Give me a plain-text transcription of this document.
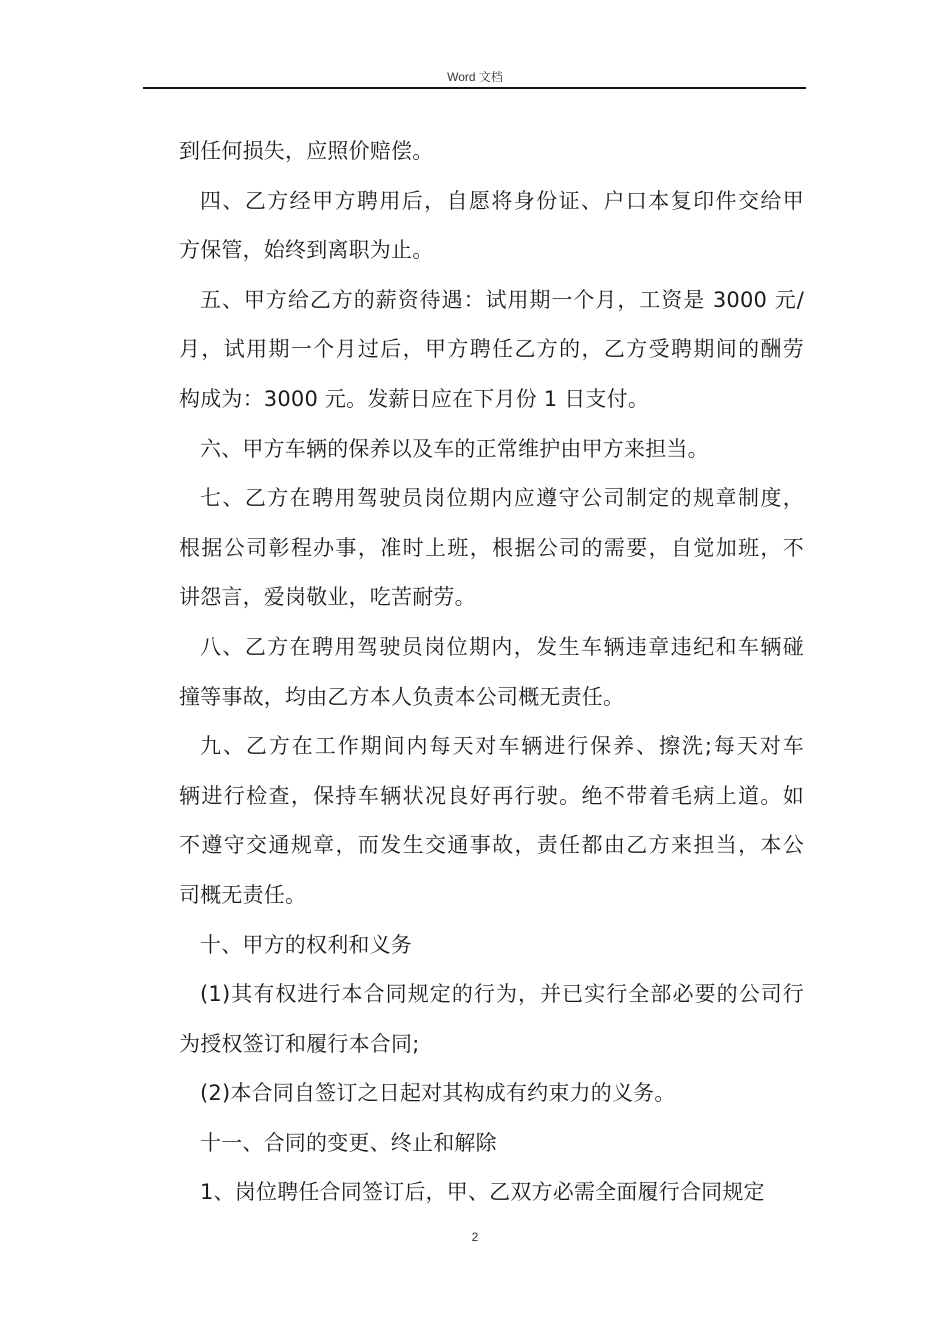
Word 文档
到任何损失，应照价赔偿。
四、乙方经甲方聘用后，自愿将身份证、户口本复印件交给甲
方保管，始终到离职为止。
五、甲方给乙方的薪资待遇：试用期一个月，工资是 3000 元/
月，试用期一个月过后，甲方聘任乙方的，乙方受聘期间的酬劳
构成为：3000 元。发薪日应在下月份 1 日支付。
六、甲方车辆的保养以及车的正常维护由甲方来担当。
七、乙方在聘用驾驶员岗位期内应遵守公司制定的规章制度，
根据公司彰程办事，准时上班，根据公司的需要，自觉加班，不
讲怨言，爱岗敬业，吃苦耐劳。
八、乙方在聘用驾驶员岗位期内，发生车辆违章违纪和车辆碰
撞等事故，均由乙方本人负责本公司概无责任。
九、乙方在工作期间内每天对车辆进行保养、擦洗;每天对车
辆进行检查，保持车辆状况良好再行驶。绝不带着毛病上道。如
不遵守交通规章，而发生交通事故，责任都由乙方来担当，本公
司概无责任。
十、甲方的权利和义务
(1)其有权进行本合同规定的行为，并已实行全部必要的公司行
为授权签订和履行本合同;
(2)本合同自签订之日起对其构成有约束力的义务。
十一、合同的变更、终止和解除
1、岗位聘任合同签订后，甲、乙双方必需全面履行合同规定
2
